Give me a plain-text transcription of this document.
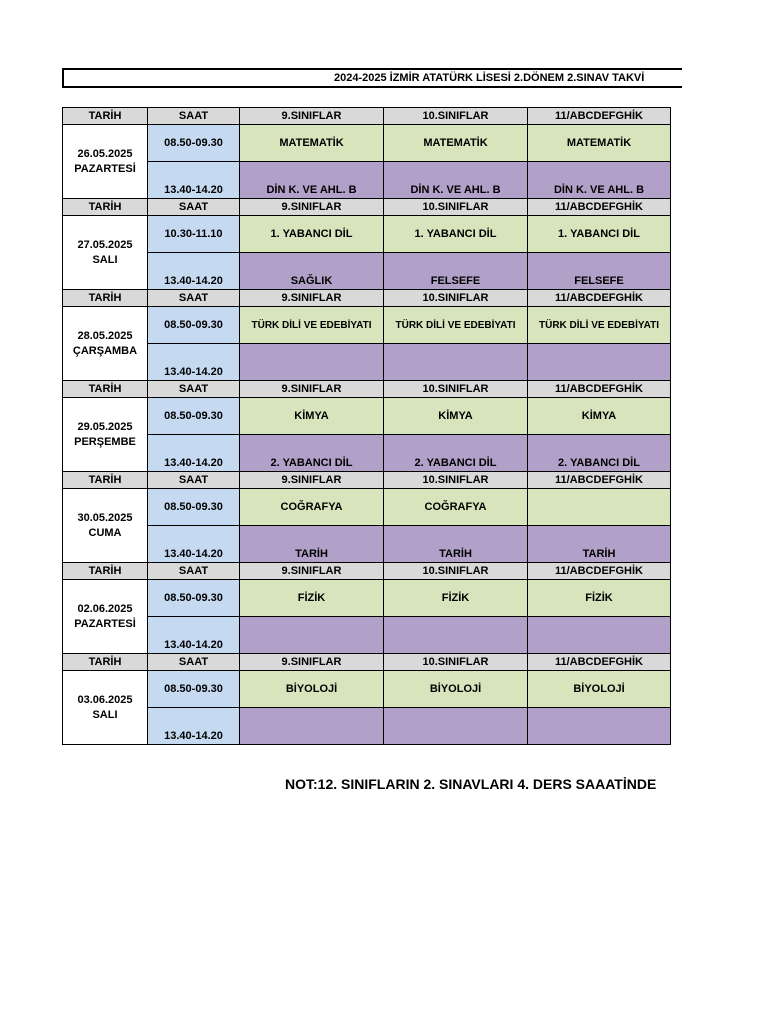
2024-2025 İZMİR ATATÜRK LİSESİ 2.DÖNEM 2.SINAV TAKVİ
TARİH	SAAT	9.SINIFLAR	10.SINIFLAR	11/ABCDEFGHİK

26.05.2025
PAZARTESİ	08.50-09.30	MATEMATİK	MATEMATİK	MATEMATİK
	13.40-14.20	DİN K. VE AHL. B	DİN K. VE AHL. B	DİN K. VE AHL. B
TARİH	SAAT	9.SINIFLAR	10.SINIFLAR	11/ABCDEFGHİK

27.05.2025
SALI	10.30-11.10	1. YABANCI DİL	1. YABANCI DİL	1. YABANCI DİL
	13.40-14.20	SAĞLIK	FELSEFE	FELSEFE
TARİH	SAAT	9.SINIFLAR	10.SINIFLAR	11/ABCDEFGHİK

28.05.2025
ÇARŞAMBA	08.50-09.30	TÜRK DİLİ VE EDEBİYATI	TÜRK DİLİ VE EDEBİYATI	TÜRK DİLİ VE EDEBİYATI
	13.40-14.20			
TARİH	SAAT	9.SINIFLAR	10.SINIFLAR	11/ABCDEFGHİK

29.05.2025
PERŞEMBE	08.50-09.30	KİMYA	KİMYA	KİMYA
	13.40-14.20	2. YABANCI DİL	2. YABANCI DİL	2. YABANCI DİL
TARİH	SAAT	9.SINIFLAR	10.SINIFLAR	11/ABCDEFGHİK

30.05.2025
CUMA	08.50-09.30	COĞRAFYA	COĞRAFYA	
	13.40-14.20	TARİH	TARİH	TARİH
TARİH	SAAT	9.SINIFLAR	10.SINIFLAR	11/ABCDEFGHİK

02.06.2025
PAZARTESİ	08.50-09.30	FİZİK	FİZİK	FİZİK
	13.40-14.20			
TARİH	SAAT	9.SINIFLAR	10.SINIFLAR	11/ABCDEFGHİK

03.06.2025
SALI	08.50-09.30	BİYOLOJİ	BİYOLOJİ	BİYOLOJİ
	13.40-14.20			
NOT:12. SINIFLARIN 2. SINAVLARI 4. DERS SAAATİNDE
